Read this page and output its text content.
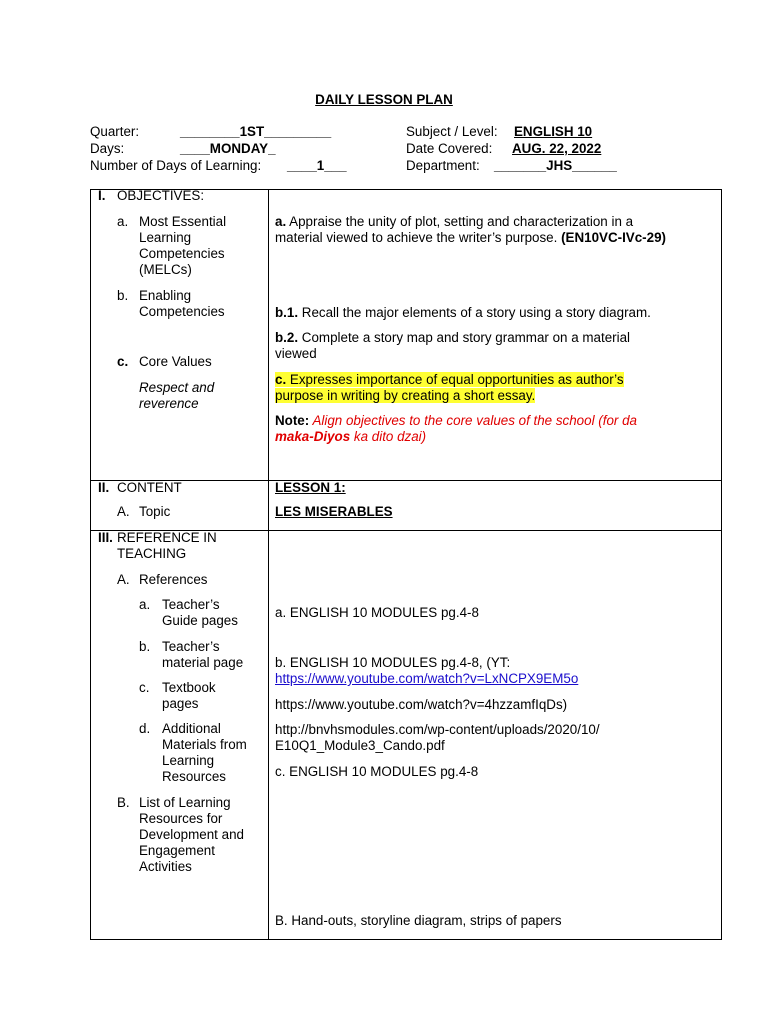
DAILY LESSON PLAN
Quarter:	________1ST_________
Days:	____MONDAY_
Number of Days of Learning: ____1___
Subject / Level: ENGLISH 10
Date Covered: AUG. 22, 2022
Department: _______JHS______
I. OBJECTIVES:
a. Most Essential
Learning
Competencies
(MELCs)
b. Enabling
Competencies
c. Core Values
Respect and
reverence
a. Appraise the unity of plot, setting and characterization in a
material viewed to achieve the writer’s purpose. (EN10VC-IVc-29)
b.1. Recall the major elements of a story using a story diagram.
b.2. Complete a story map and story grammar on a material
viewed
c. Expresses importance of equal opportunities as author’s
purpose in writing by creating a short essay.
Note: Align objectives to the core values of the school (for da
maka-Diyos ka dito dzai)
II. CONTENT
A. Topic
LESSON 1:
LES MISERABLES
III. REFERENCE IN
TEACHING
A. References
a. Teacher’s
Guide pages
b. Teacher’s
material page
c. Textbook
pages
d. Additional
Materials from
Learning
Resources
B. List of Learning
Resources for
Development and
Engagement
Activities
a. ENGLISH 10 MODULES pg.4-8
b. ENGLISH 10 MODULES pg.4-8, (YT:
https://www.youtube.com/watch?v=LxNCPX9EM5o
https://www.youtube.com/watch?v=4hzzamfIqDs)
http://bnvhsmodules.com/wp-content/uploads/2020/10/
E10Q1_Module3_Cando.pdf
c. ENGLISH 10 MODULES pg.4-8
B. Hand-outs, storyline diagram, strips of papers
